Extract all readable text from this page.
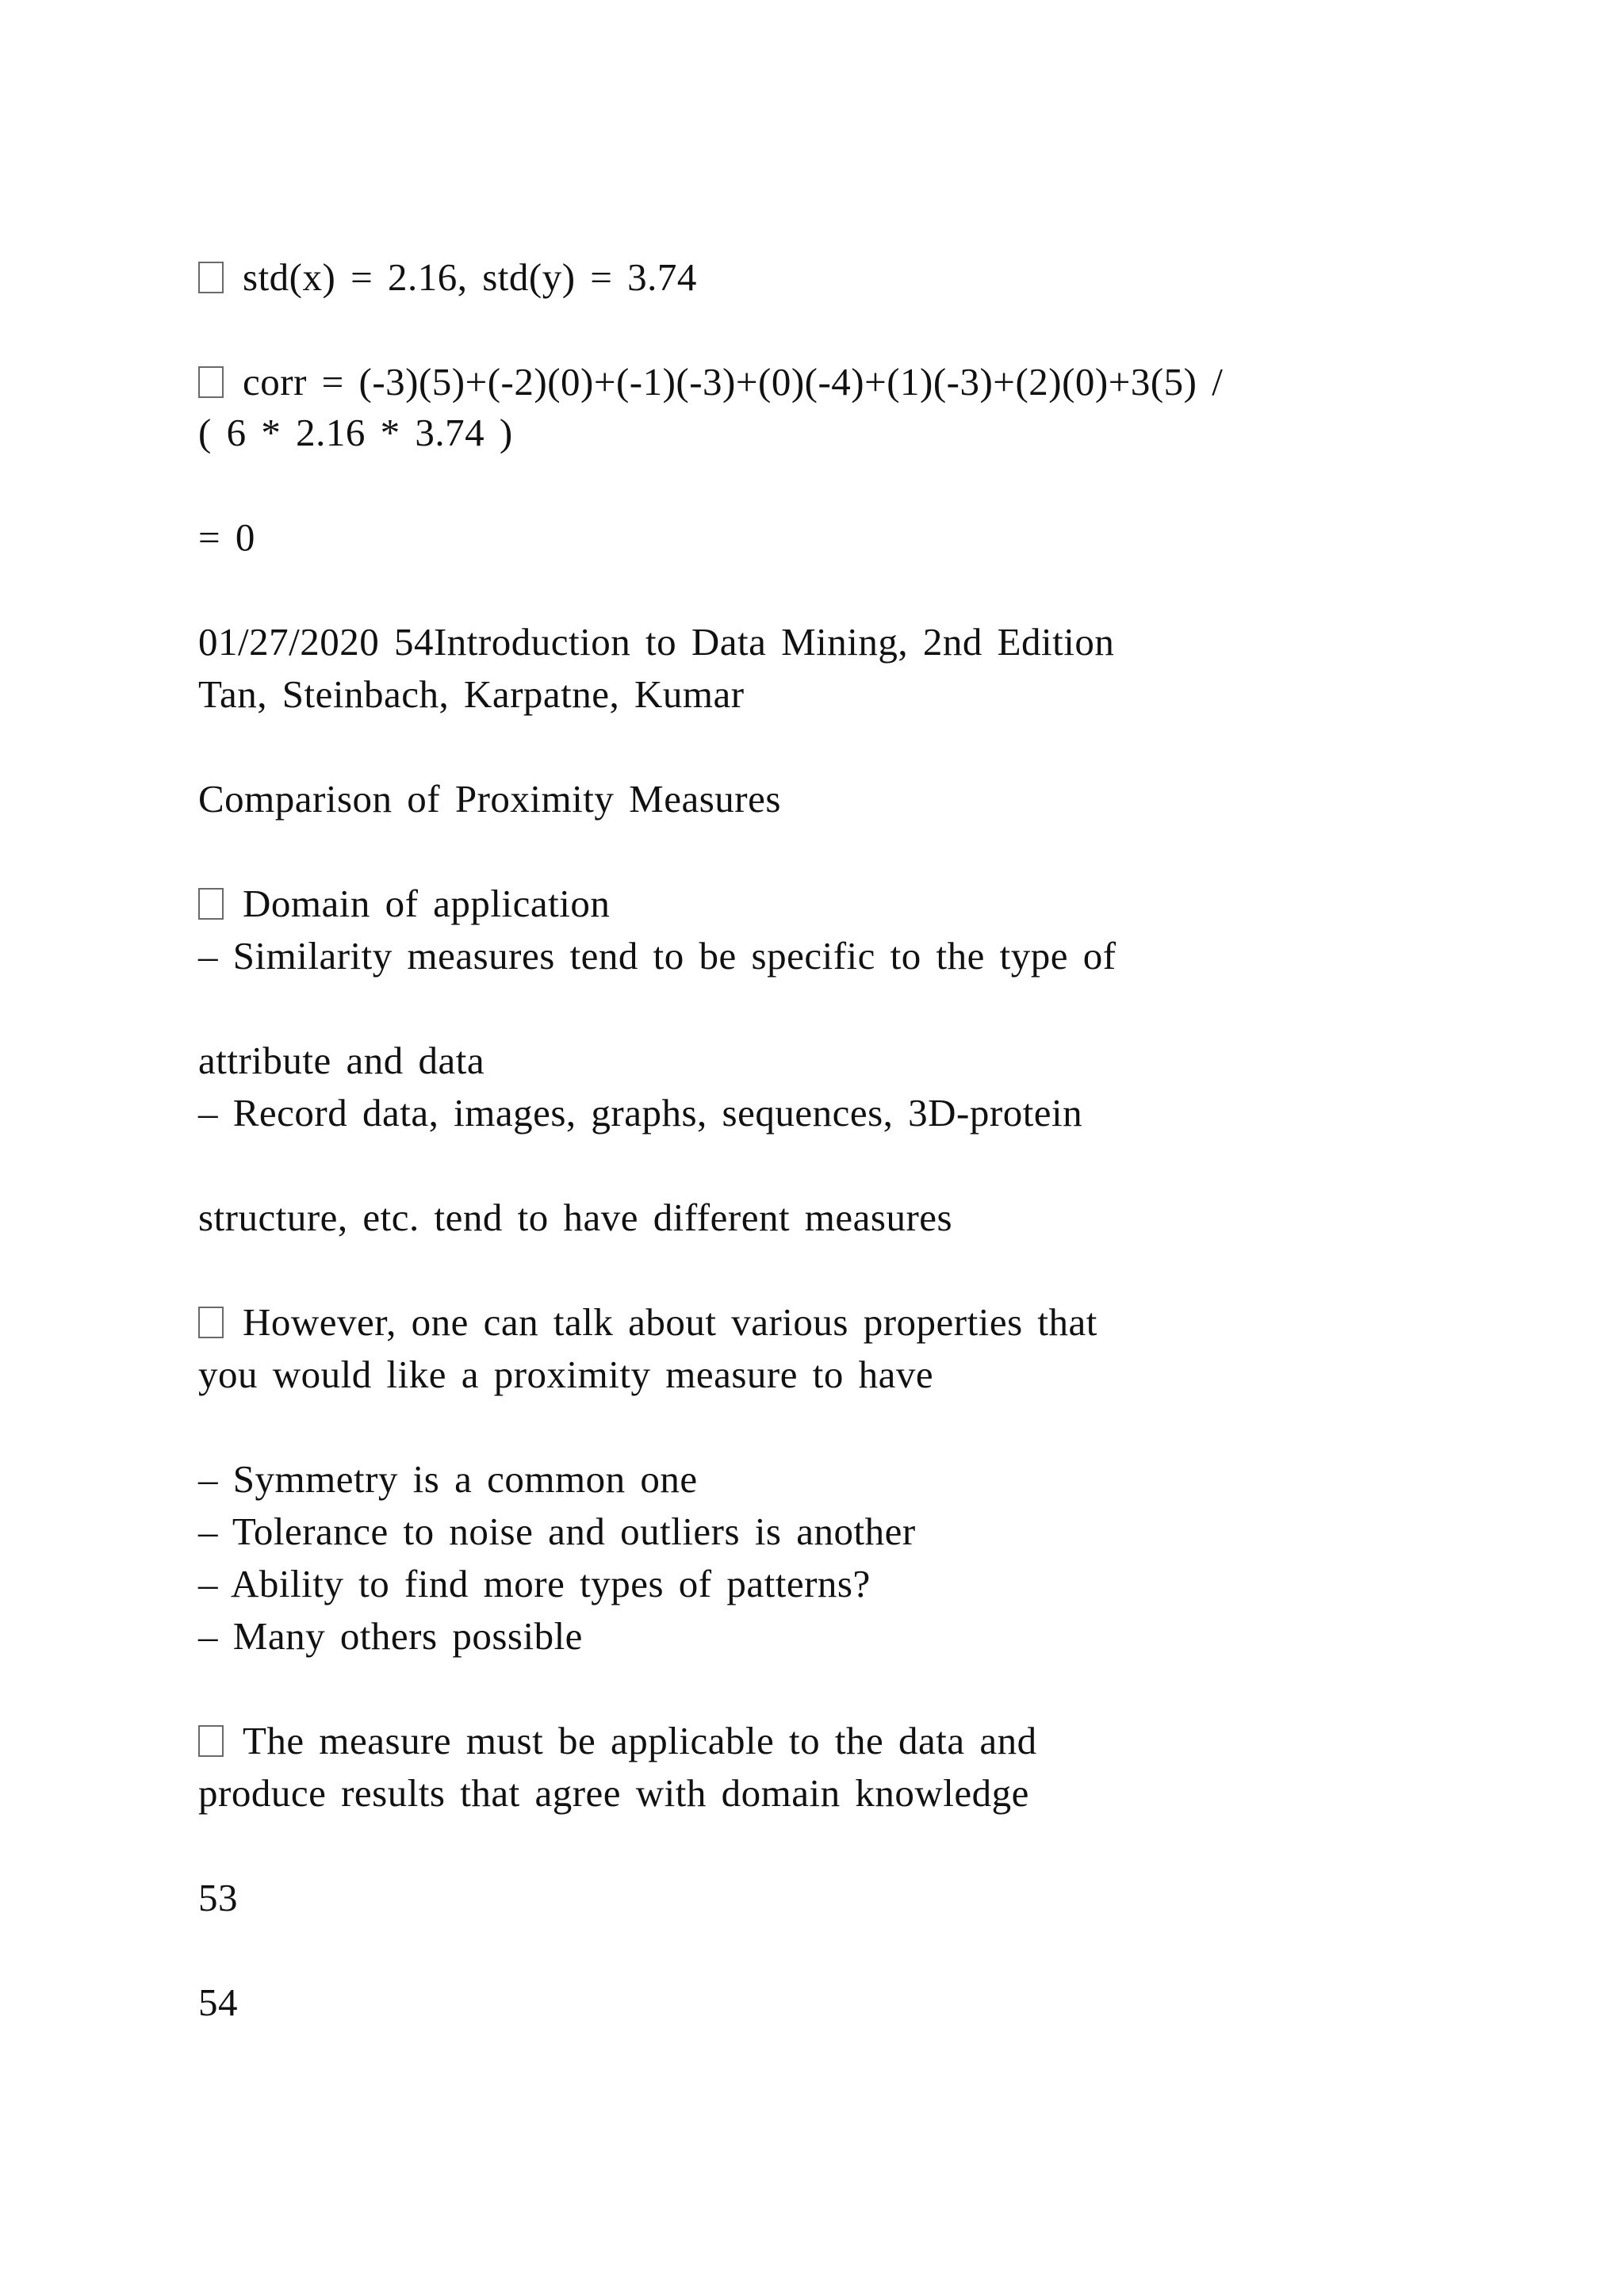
std(x) = 2.16, std(y) = 3.74
corr = (-3)(5)+(-2)(0)+(-1)(-3)+(0)(-4)+(1)(-3)+(2)(0)+3(5) /
( 6 * 2.16 * 3.74 )
= 0
01/27/2020 54Introduction to Data Mining, 2nd Edition
Tan, Steinbach, Karpatne, Kumar
Comparison of Proximity Measures
Domain of application
– Similarity measures tend to be specific to the type of
attribute and data
– Record data, images, graphs, sequences, 3D-protein
structure, etc. tend to have different measures
However, one can talk about various properties that
you would like a proximity measure to have
– Symmetry is a common one
– Tolerance to noise and outliers is another
– Ability to find more types of patterns?
– Many others possible
The measure must be applicable to the data and
produce results that agree with domain knowledge
53
54
